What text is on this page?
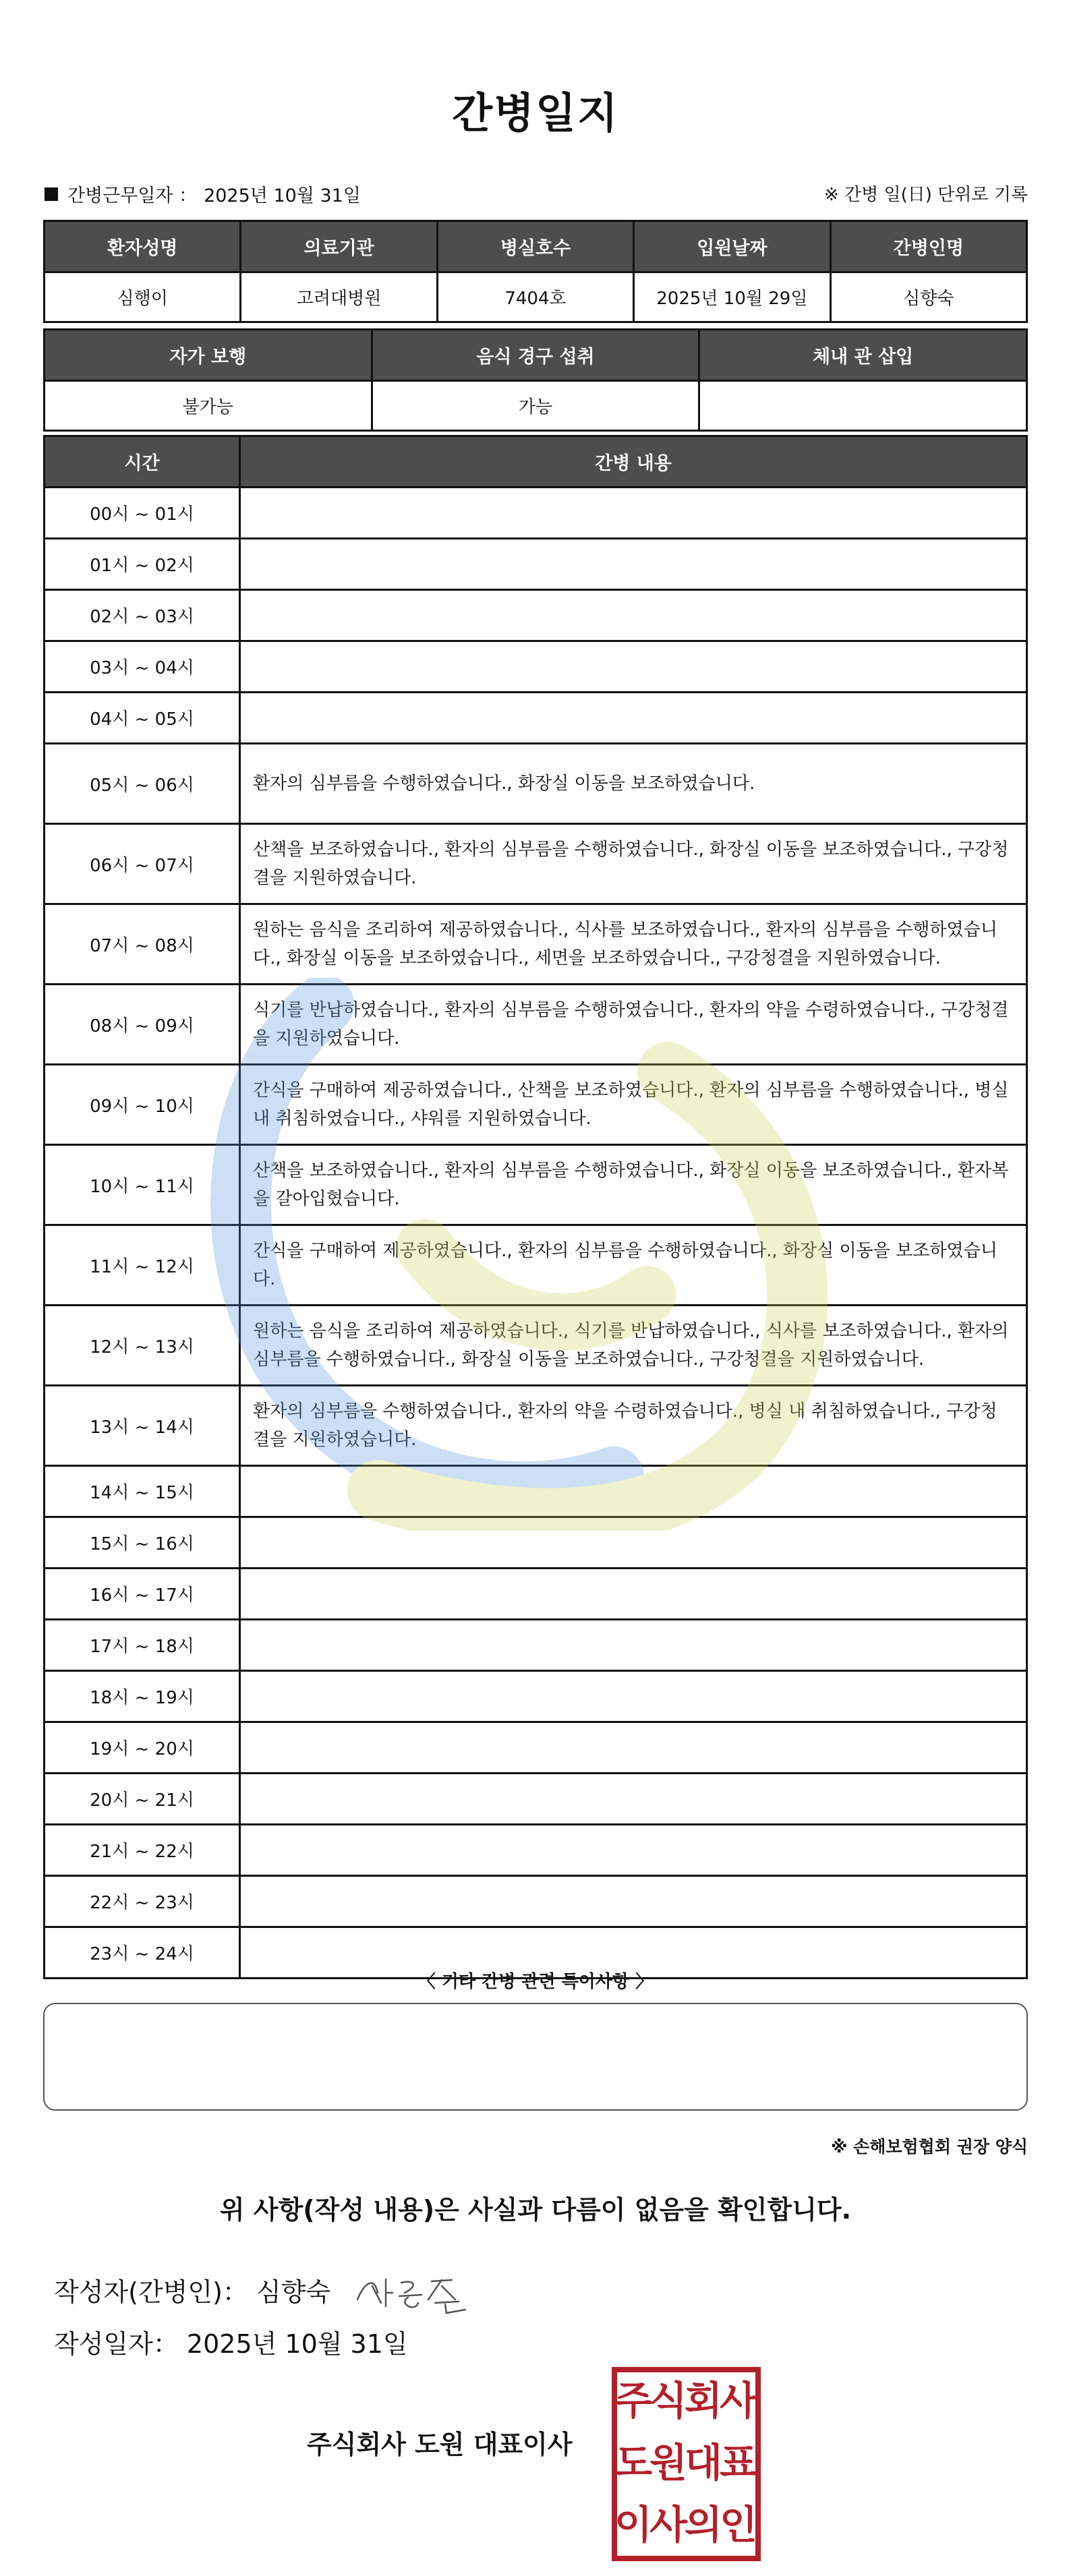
간병일지
간병근무일자 ： 2025년 10월 31일	※ 간병 일(日) 단위로 기록
환자성명	의료기관	병실호수	입원날짜	간병인명
심행이	고려대병원	7404호	2025년 10월 29일	심향숙
자가 보행	음식 경구 섭취	체내 관 삽입
불가능	가능	
시간	간병 내용
00시 ~ 01시	
01시 ~ 02시	
02시 ~ 03시	
03시 ~ 04시	
04시 ~ 05시	
05시 ~ 06시	환자의 심부름을 수행하였습니다., 화장실 이동을 보조하였습니다.
06시 ~ 07시	산책을 보조하였습니다., 환자의 심부름을 수행하였습니다., 화장실 이동을 보조하였습니다., 구강청결을 지원하였습니다.
07시 ~ 08시	원하는 음식을 조리하여 제공하였습니다., 식사를 보조하였습니다., 환자의 심부름을 수행하였습니다., 화장실 이동을 보조하였습니다., 세면을 보조하였습니다., 구강청결을 지원하였습니다.
08시 ~ 09시	식기를 반납하였습니다., 환자의 심부름을 수행하였습니다., 환자의 약을 수령하였습니다., 구강청결을 지원하였습니다.
09시 ~ 10시	간식을 구매하여 제공하였습니다., 산책을 보조하였습니다., 환자의 심부름을 수행하였습니다., 병실 내 취침하였습니다., 샤워를 지원하였습니다.
10시 ~ 11시	산책을 보조하였습니다., 환자의 심부름을 수행하였습니다., 화장실 이동을 보조하였습니다., 환자복을 갈아입혔습니다.
11시 ~ 12시	간식을 구매하여 제공하였습니다., 환자의 심부름을 수행하였습니다., 화장실 이동을 보조하였습니다.
12시 ~ 13시	원하는 음식을 조리하여 제공하였습니다., 식기를 반납하였습니다., 식사를 보조하였습니다., 환자의 심부름을 수행하였습니다., 화장실 이동을 보조하였습니다., 구강청결을 지원하였습니다.
13시 ~ 14시	환자의 심부름을 수행하였습니다., 환자의 약을 수령하였습니다., 병실 내 취침하였습니다., 구강청결을 지원하였습니다.
14시 ~ 15시	
15시 ~ 16시	
16시 ~ 17시	
17시 ~ 18시	
18시 ~ 19시	
19시 ~ 20시	
20시 ~ 21시	
21시 ~ 22시	
22시 ~ 23시	
23시 ~ 24시	
〈 기타 간병 관련 특이사항 〉
※ 손해보험협회 권장 양식
위 사항(작성 내용)은 사실과 다름이 없음을 확인합니다.
작성자(간병인)： 심향숙
작성일자： 2025년 10월 31일
주식회사 도원 대표이사
주
식
회
사
도
원
대
표
이
사
의
인
